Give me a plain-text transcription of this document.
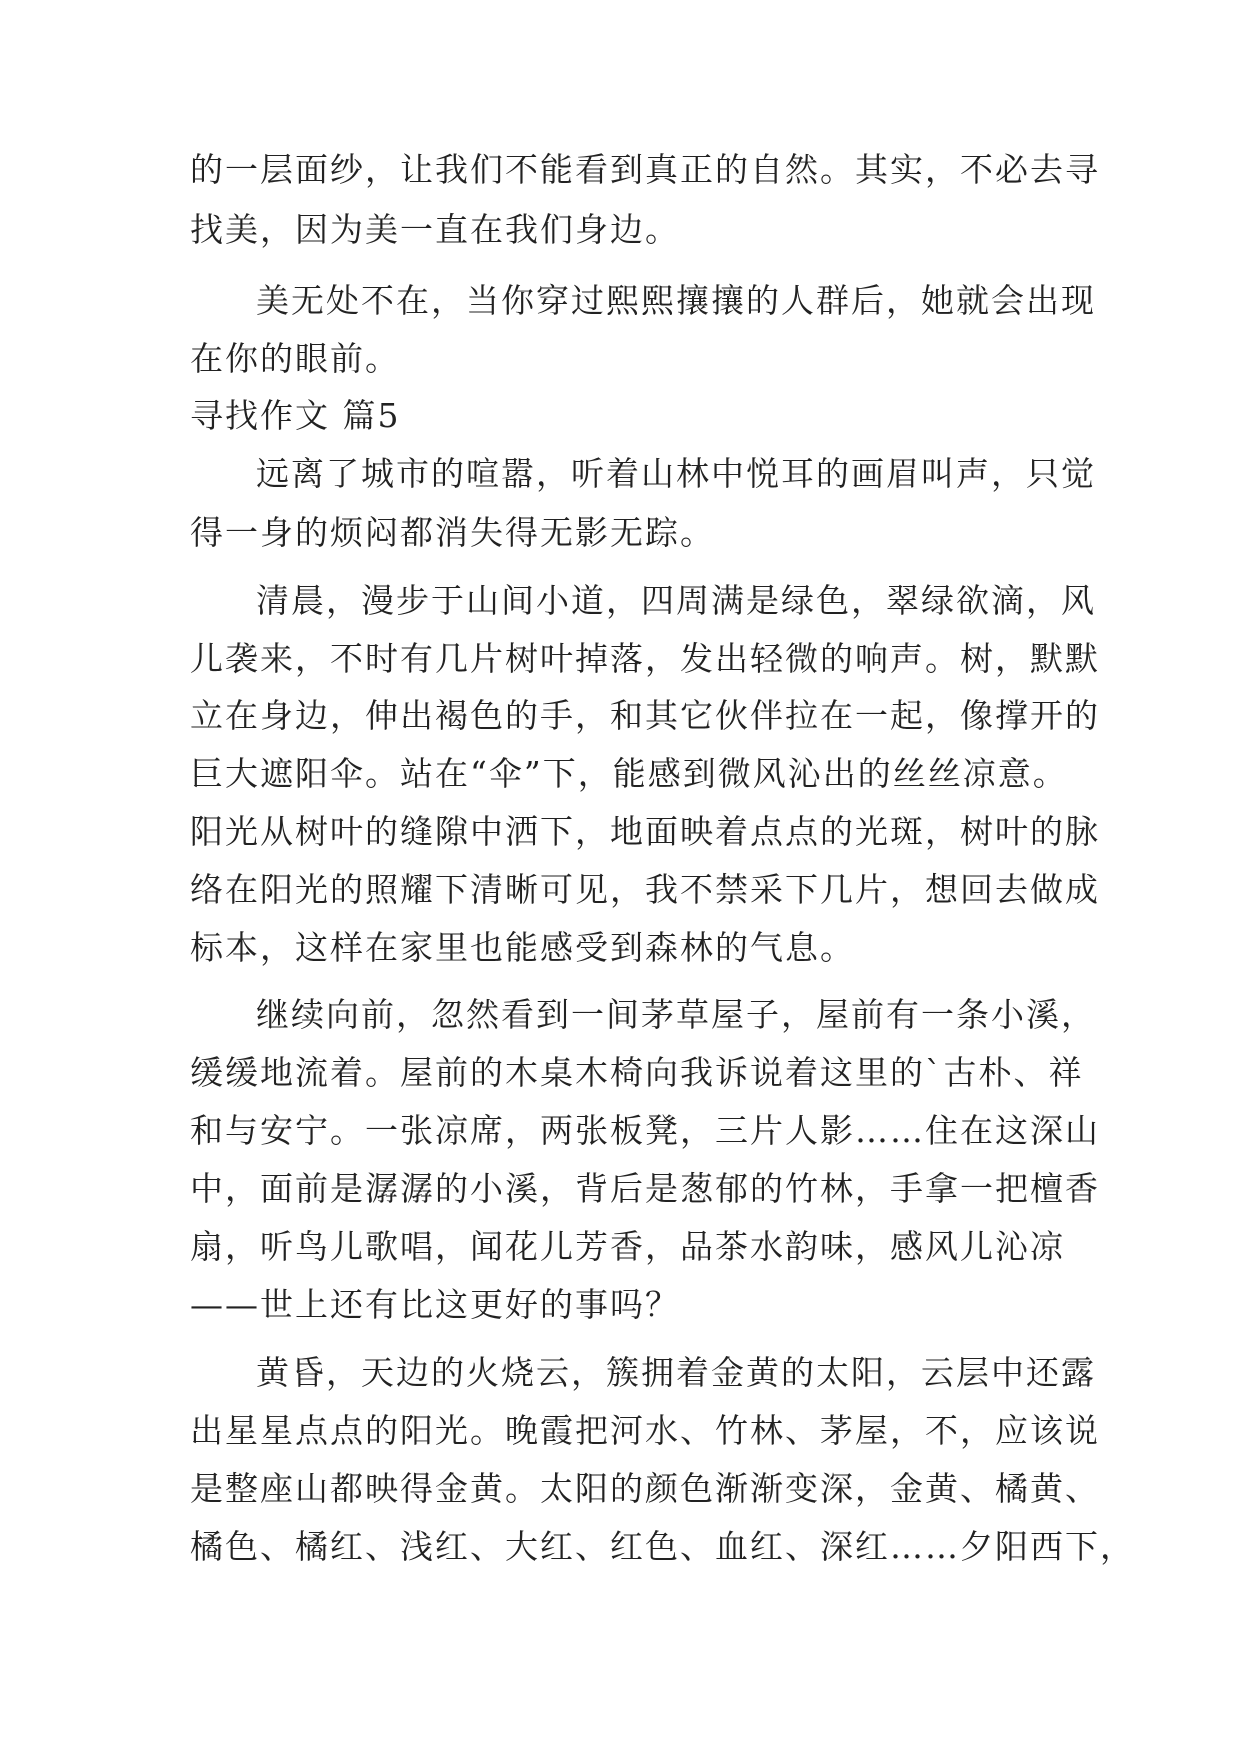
的一层面纱，让我们不能看到真正的自然。其实，不必去寻
找美，因为美一直在我们身边。
美无处不在，当你穿过熙熙攘攘的人群后，她就会出现
在你的眼前。
寻找作文 篇5
远离了城市的喧嚣，听着山林中悦耳的画眉叫声，只觉
得一身的烦闷都消失得无影无踪。
清晨，漫步于山间小道，四周满是绿色，翠绿欲滴，风
儿袭来，不时有几片树叶掉落，发出轻微的响声。树，默默
立在身边，伸出褐色的手，和其它伙伴拉在一起，像撑开的
巨大遮阳伞。站在“伞”下，能感到微风沁出的丝丝凉意。
阳光从树叶的缝隙中洒下，地面映着点点的光斑，树叶的脉
络在阳光的照耀下清晰可见，我不禁采下几片，想回去做成
标本，这样在家里也能感受到森林的气息。
继续向前，忽然看到一间茅草屋子，屋前有一条小溪，
缓缓地流着。屋前的木桌木椅向我诉说着这里的`古朴、祥
和与安宁。一张凉席，两张板凳，三片人影……住在这深山
中，面前是潺潺的小溪，背后是葱郁的竹林，手拿一把檀香
扇，听鸟儿歌唱，闻花儿芳香，品茶水韵味，感风儿沁凉
——世上还有比这更好的事吗？
黄昏，天边的火烧云，簇拥着金黄的太阳，云层中还露
出星星点点的阳光。晚霞把河水、竹林、茅屋，不，应该说
是整座山都映得金黄。太阳的颜色渐渐变深，金黄、橘黄、
橘色、橘红、浅红、大红、红色、血红、深红……夕阳西下，
